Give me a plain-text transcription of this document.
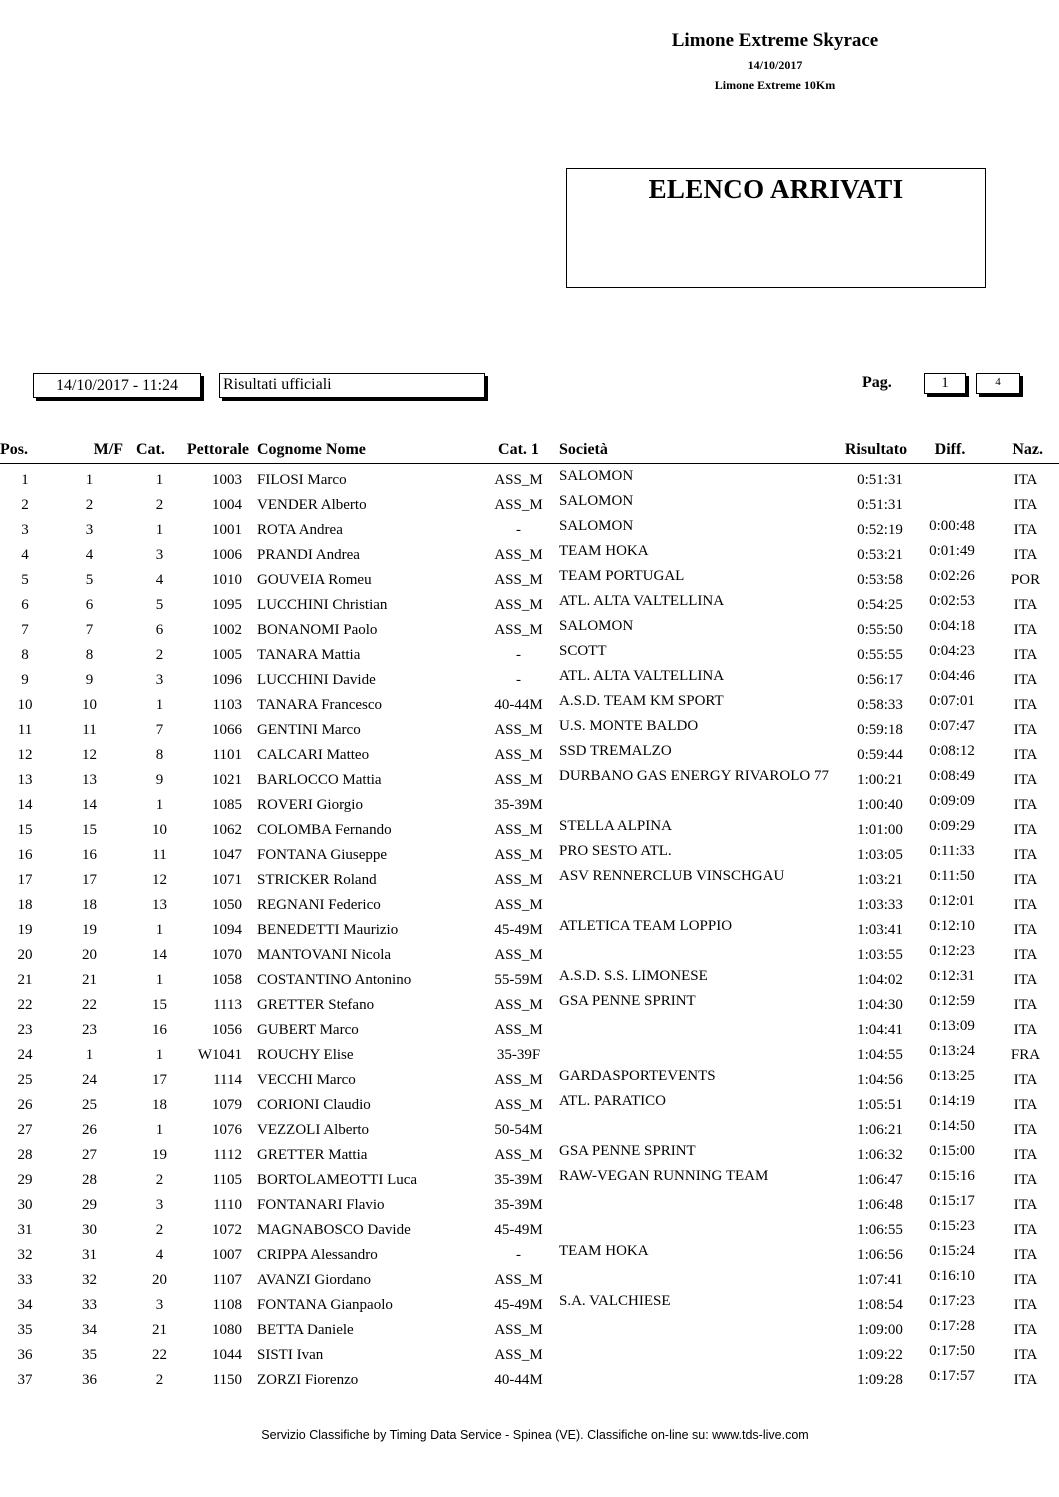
Limone Extreme Skyrace
14/10/2017
Limone Extreme 10Km
ELENCO ARRIVATI
14/10/2017 - 11:24	Risultati ufficiali	Pag.	1	4
Pos.	M/F	Cat.	Pettorale	Cognome Nome	Cat. 1	Società	Risultato	Diff.	Naz.
1	1	1	1003	FILOSI Marco	ASS_M	SALOMON	0:51:31		ITA
2	2	2	1004	VENDER Alberto	ASS_M	SALOMON	0:51:31		ITA
3	3	1	1001	ROTA Andrea	-	SALOMON	0:52:19	0:00:48	ITA
4	4	3	1006	PRANDI Andrea	ASS_M	TEAM HOKA	0:53:21	0:01:49	ITA
5	5	4	1010	GOUVEIA Romeu	ASS_M	TEAM PORTUGAL	0:53:58	0:02:26	POR
6	6	5	1095	LUCCHINI Christian	ASS_M	ATL. ALTA VALTELLINA	0:54:25	0:02:53	ITA
7	7	6	1002	BONANOMI Paolo	ASS_M	SALOMON	0:55:50	0:04:18	ITA
8	8	2	1005	TANARA Mattia	-	SCOTT	0:55:55	0:04:23	ITA
9	9	3	1096	LUCCHINI Davide	-	ATL. ALTA VALTELLINA	0:56:17	0:04:46	ITA
10	10	1	1103	TANARA Francesco	40-44M	A.S.D. TEAM KM SPORT	0:58:33	0:07:01	ITA
11	11	7	1066	GENTINI Marco	ASS_M	U.S. MONTE BALDO	0:59:18	0:07:47	ITA
12	12	8	1101	CALCARI Matteo	ASS_M	SSD TREMALZO	0:59:44	0:08:12	ITA
13	13	9	1021	BARLOCCO Mattia	ASS_M	DURBANO GAS ENERGY RIVAROLO 77	1:00:21	0:08:49	ITA
14	14	1	1085	ROVERI Giorgio	35-39M		1:00:40	0:09:09	ITA
15	15	10	1062	COLOMBA Fernando	ASS_M	STELLA ALPINA	1:01:00	0:09:29	ITA
16	16	11	1047	FONTANA Giuseppe	ASS_M	PRO SESTO ATL.	1:03:05	0:11:33	ITA
17	17	12	1071	STRICKER Roland	ASS_M	ASV RENNERCLUB VINSCHGAU	1:03:21	0:11:50	ITA
18	18	13	1050	REGNANI Federico	ASS_M		1:03:33	0:12:01	ITA
19	19	1	1094	BENEDETTI Maurizio	45-49M	ATLETICA TEAM LOPPIO	1:03:41	0:12:10	ITA
20	20	14	1070	MANTOVANI Nicola	ASS_M		1:03:55	0:12:23	ITA
21	21	1	1058	COSTANTINO Antonino	55-59M	A.S.D. S.S. LIMONESE	1:04:02	0:12:31	ITA
22	22	15	1113	GRETTER Stefano	ASS_M	GSA PENNE SPRINT	1:04:30	0:12:59	ITA
23	23	16	1056	GUBERT Marco	ASS_M		1:04:41	0:13:09	ITA
24	1	1	W1041	ROUCHY Elise	35-39F		1:04:55	0:13:24	FRA
25	24	17	1114	VECCHI Marco	ASS_M	GARDASPORTEVENTS	1:04:56	0:13:25	ITA
26	25	18	1079	CORIONI Claudio	ASS_M	ATL. PARATICO	1:05:51	0:14:19	ITA
27	26	1	1076	VEZZOLI Alberto	50-54M		1:06:21	0:14:50	ITA
28	27	19	1112	GRETTER Mattia	ASS_M	GSA PENNE SPRINT	1:06:32	0:15:00	ITA
29	28	2	1105	BORTOLAMEOTTI Luca	35-39M	RAW-VEGAN RUNNING TEAM	1:06:47	0:15:16	ITA
30	29	3	1110	FONTANARI Flavio	35-39M		1:06:48	0:15:17	ITA
31	30	2	1072	MAGNABOSCO Davide	45-49M		1:06:55	0:15:23	ITA
32	31	4	1007	CRIPPA Alessandro	-	TEAM HOKA	1:06:56	0:15:24	ITA
33	32	20	1107	AVANZI Giordano	ASS_M		1:07:41	0:16:10	ITA
34	33	3	1108	FONTANA Gianpaolo	45-49M	S.A. VALCHIESE	1:08:54	0:17:23	ITA
35	34	21	1080	BETTA Daniele	ASS_M		1:09:00	0:17:28	ITA
36	35	22	1044	SISTI Ivan	ASS_M		1:09:22	0:17:50	ITA
37	36	2	1150	ZORZI Fiorenzo	40-44M		1:09:28	0:17:57	ITA
Servizio Classifiche by Timing Data Service - Spinea (VE). Classifiche on-line su: www.tds-live.com
